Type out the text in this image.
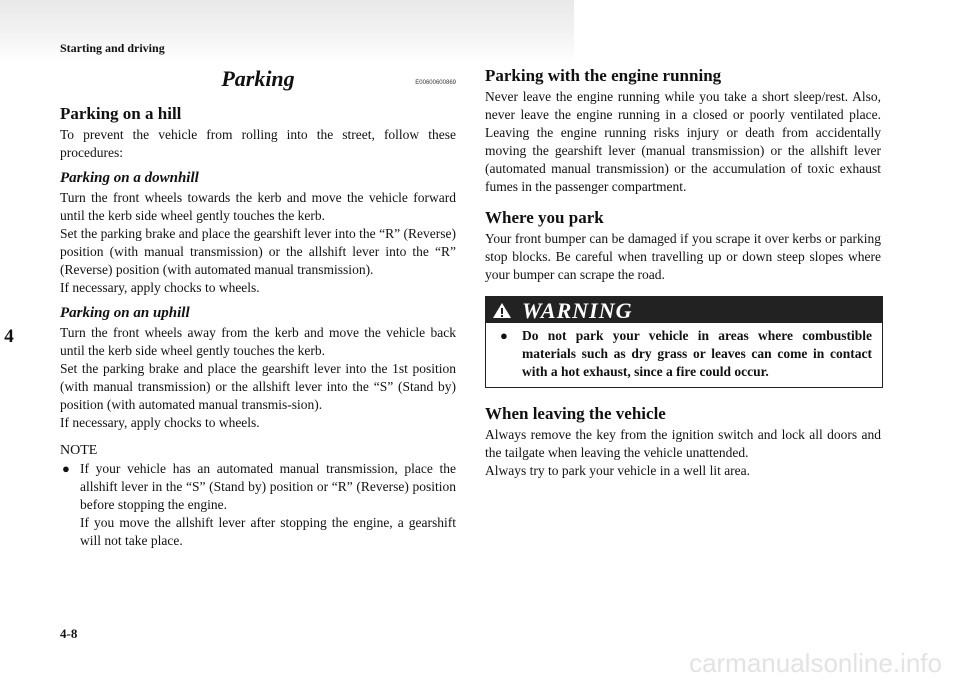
Starting and driving
4
Parking	E00600600869
Parking on a hill

To prevent the vehicle from rolling into the street, follow these procedures:

Parking on a downhill

Turn the front wheels towards the kerb and move the vehicle forward until the kerb side wheel gently touches the kerb.

Set the parking brake and place the gearshift lever into the “R” (Reverse) position (with manual transmission) or the allshift lever into the “R” (Reverse) position (with automated manual transmission).

If necessary, apply chocks to wheels.

Parking on an uphill

Turn the front wheels away from the kerb and move the vehicle back until the kerb side wheel gently touches the kerb.

Set the parking brake and place the gearshift lever into the 1st position (with manual transmission) or the allshift lever into the “S” (Stand by) position (with automated manual transmis-sion).

If necessary, apply chocks to wheels.

NOTE

● If your vehicle has an automated manual transmission, place the allshift lever in the “S” (Stand by) position or “R” (Reverse) position before stopping the engine.

If you move the allshift lever after stopping the engine, a gearshift will not take place.

Parking with the engine running

Never leave the engine running while you take a short sleep/rest. Also, never leave the engine running in a closed or poorly ventilated place. Leaving the engine running risks injury or death from accidentally moving the gearshift lever (manual transmission) or the allshift lever (automated manual transmission) or the accumulation of toxic exhaust fumes in the passenger compartment.

Where you park

Your front bumper can be damaged if you scrape it over kerbs or parking stop blocks. Be careful when travelling up or down steep slopes where your bumper can scrape the road.

WARNING
● Do not park your vehicle in areas where combustible materials such as dry grass or leaves can come in contact with a hot exhaust, since a fire could occur.

When leaving the vehicle

Always remove the key from the ignition switch and lock all doors and the tailgate when leaving the vehicle unattended.

Always try to park your vehicle in a well lit area.

4-8
carmanualsonline.info
